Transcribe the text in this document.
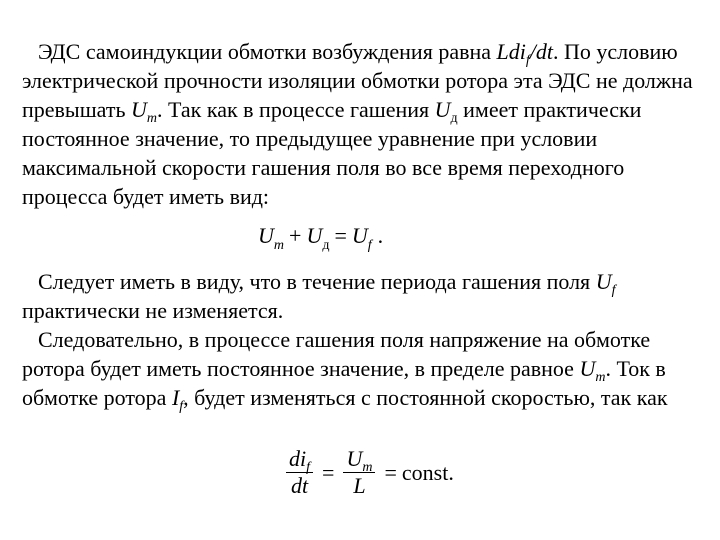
ЭДС самоиндукции обмотки возбуждения равна Ldi$_f$/dt. По условию электрической прочности изоляции обмотки ротора эта ЭДС не должна превышать $U_m$. Так как в процессе гашения $U_д$ имеет практически постоянное значение, то предыдущее уравнение при условии максимальной скорости гашения поля во все время переходного процесса будет иметь вид:

$U_m + U_д = U_f$ .

Следует иметь в виду, что в течение периода гашения поля $U_f$ практически не изменяется.

Следовательно, в процессе гашения поля напряжение на обмотке ротора будет иметь постоянное значение, в пределе равное $U_m$. Ток в обмотке ротора $I_f$, будет изменяться с постоянной скоростью, так как

$\frac{di_f}{dt} = \frac{U_m}{L}$ = const.
